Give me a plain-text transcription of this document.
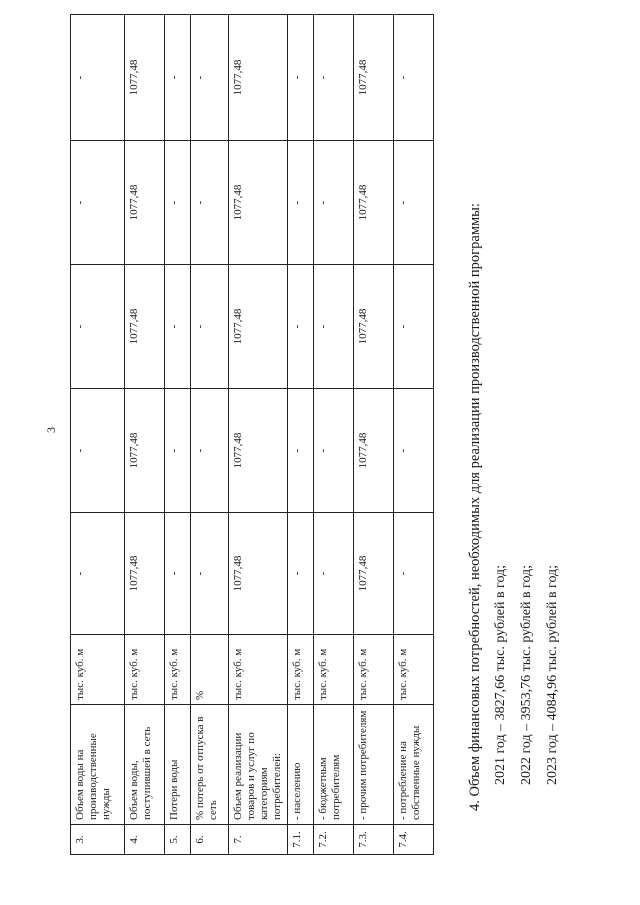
3
3.	Объем воды на производственные нужды	тыс. куб. м	-	-	-	-	-
4.	Объем воды, поступившей в сеть	тыс. куб. м	1077,48	1077,48	1077,48	1077,48	1077,48
5.	Потери воды	тыс. куб. м	-	-	-	-	-
6.	% потерь от отпуска в сеть	%	-	-	-	-	-
7.	Объем реализации товаров и услуг по категориям потребителей:	тыс. куб. м	1077,48	1077,48	1077,48	1077,48	1077,48
7.1.	- населению	тыс. куб. м	-	-	-	-	-
7.2.	- бюджетным потребителям	тыс. куб. м	-	-	-	-	-
7.3.	- прочим потребителям	тыс. куб. м	1077,48	1077,48	1077,48	1077,48	1077,48
7.4.	- потребление на собственные нужды	тыс. куб. м	-	-	-	-	-

4. Объем финансовых потребностей, необходимых для реализации производственной программы: 2021 год – 3827,66 тыс. рублей в год; 2022 год – 3953,76 тыс. рублей в год; 2023 год – 4084,96 тыс. рублей в год;
